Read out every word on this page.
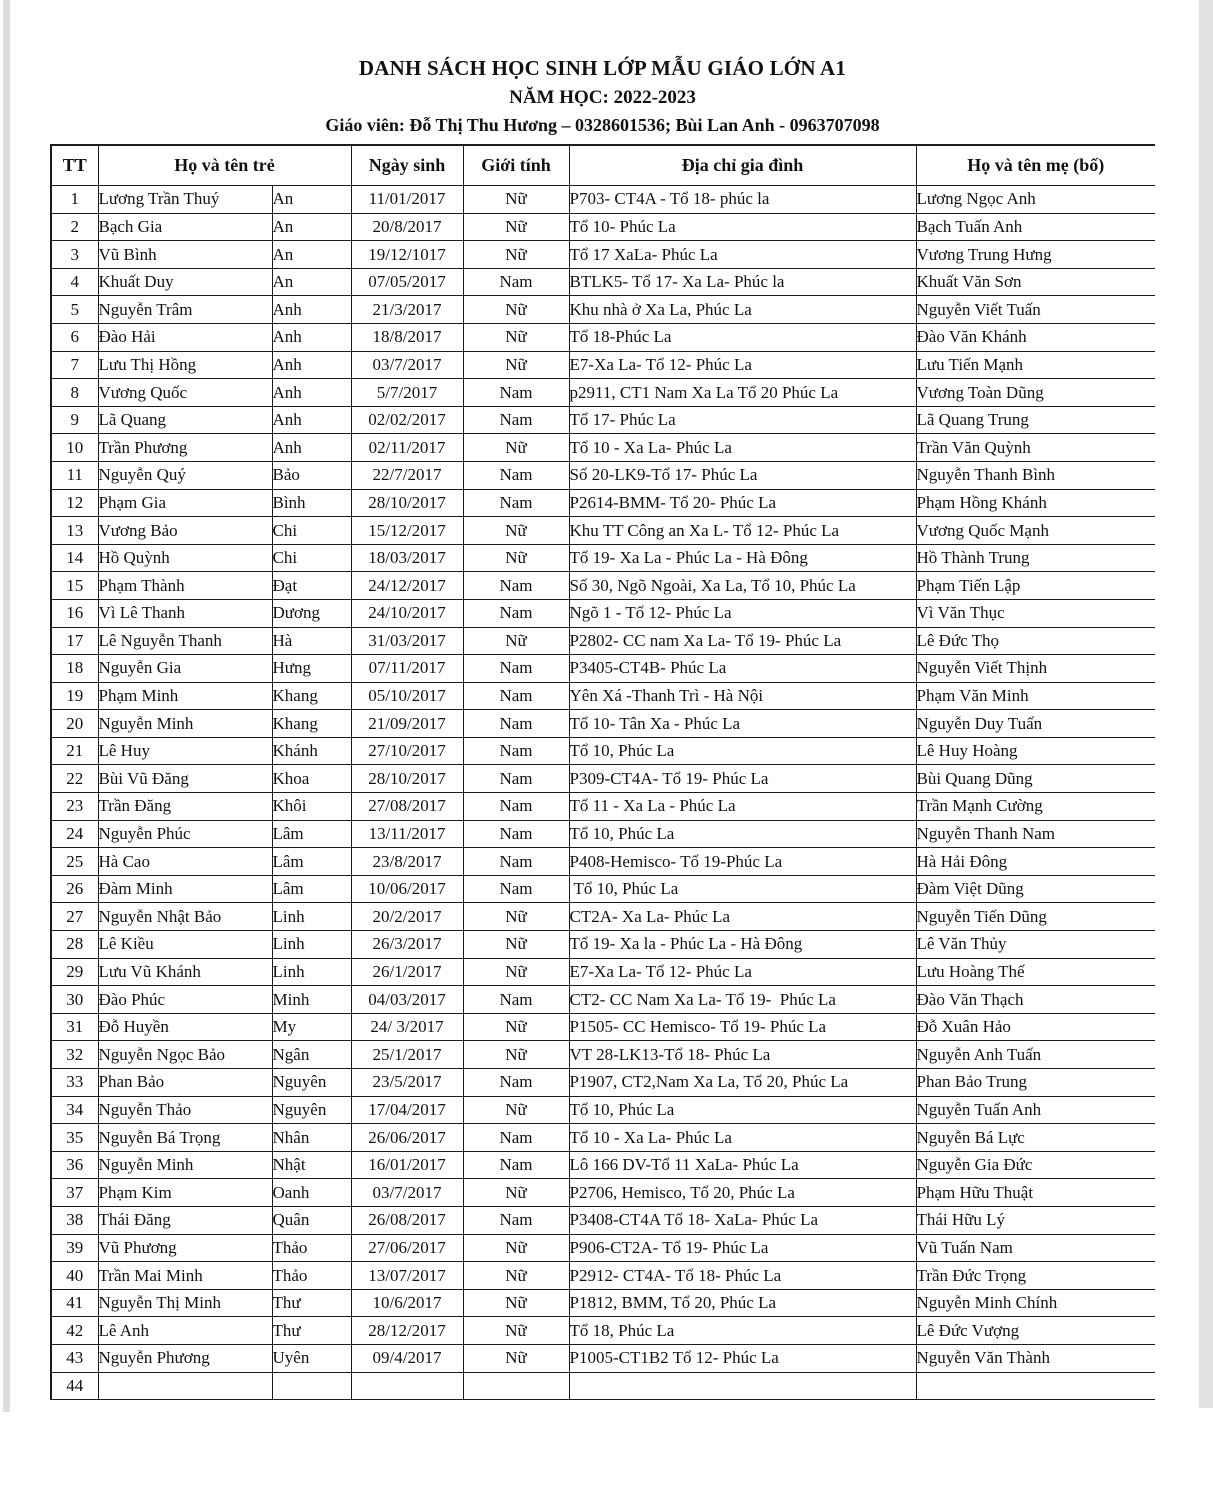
DANH SÁCH HỌC SINH LỚP MẪU GIÁO LỚN A1
NĂM HỌC: 2022-2023
Giáo viên: Đỗ Thị Thu Hương – 0328601536; Bùi Lan Anh - 0963707098
TT	Họ và tên trẻ		Ngày sinh	Giới tính	Địa chỉ gia đình	Họ và tên mẹ (bố)
1	Lương Trần Thuý	An	11/01/2017	Nữ	P703- CT4A - Tổ 18- phúc la	Lương Ngọc Anh
2	Bạch Gia	An	20/8/2017	Nữ	Tổ 10- Phúc La	Bạch Tuấn Anh
3	Vũ Bình	An	19/12/1017	Nữ	Tổ 17 XaLa- Phúc La	Vương Trung Hưng
4	Khuất Duy	An	07/05/2017	Nam	BTLK5- Tổ 17- Xa La- Phúc la	Khuất Văn Sơn
5	Nguyễn Trâm	Anh	21/3/2017	Nữ	Khu nhà ở Xa La, Phúc La	Nguyễn Viết Tuấn
6	Đào Hải	Anh	18/8/2017	Nữ	Tổ 18-Phúc La	Đào Văn Khánh
7	Lưu Thị Hồng	Anh	03/7/2017	Nữ	E7-Xa La- Tổ 12- Phúc La	Lưu Tiến Mạnh
8	Vương Quốc	Anh	5/7/2017	Nam	p2911, CT1 Nam Xa La Tổ 20 Phúc La	Vương Toàn Dũng
9	Lã Quang	Anh	02/02/2017	Nam	Tổ 17- Phúc La	Lã Quang Trung
10	Trần Phương	Anh	02/11/2017	Nữ	Tổ 10 - Xa La- Phúc La	Trần Văn Quỳnh
11	Nguyễn Quý	Bảo	22/7/2017	Nam	Số 20-LK9-Tổ 17- Phúc La	Nguyễn Thanh Bình
12	Phạm Gia	Bình	28/10/2017	Nam	P2614-BMM- Tổ 20- Phúc La	Phạm Hồng Khánh
13	Vương Bảo	Chi	15/12/2017	Nữ	Khu TT Công an Xa L- Tổ 12- Phúc La	Vương Quốc Mạnh
14	Hồ Quỳnh	Chi	18/03/2017	Nữ	Tổ 19- Xa La - Phúc La - Hà Đông	Hồ Thành Trung
15	Phạm Thành	Đạt	24/12/2017	Nam	Số 30, Ngõ Ngoài, Xa La, Tổ 10, Phúc La	Phạm Tiến Lập
16	Vì Lê Thanh	Dương	24/10/2017	Nam	Ngõ 1 - Tổ 12- Phúc La	Vì Văn Thục
17	Lê Nguyễn Thanh	Hà	31/03/2017	Nữ	P2802- CC nam Xa La- Tổ 19- Phúc La	Lê Đức Thọ
18	Nguyễn Gia	Hưng	07/11/2017	Nam	P3405-CT4B- Phúc La	Nguyễn Viết Thịnh
19	Phạm Minh	Khang	05/10/2017	Nam	Yên Xá -Thanh Trì - Hà Nội	Phạm Văn Minh
20	Nguyễn Minh	Khang	21/09/2017	Nam	Tổ 10- Tân Xa - Phúc La	Nguyễn Duy Tuấn
21	Lê Huy	Khánh	27/10/2017	Nam	Tổ 10, Phúc La	Lê Huy Hoàng
22	Bùi Vũ Đăng	Khoa	28/10/2017	Nam	P309-CT4A- Tổ 19- Phúc La	Bùi Quang Dũng
23	Trần Đăng	Khôi	27/08/2017	Nam	Tổ 11 - Xa La - Phúc La	Trần Mạnh Cường
24	Nguyễn Phúc	Lâm	13/11/2017	Nam	Tổ 10, Phúc La	Nguyễn Thanh Nam
25	Hà Cao	Lâm	23/8/2017	Nam	P408-Hemisco- Tổ 19-Phúc La	Hà Hải Đông
26	Đàm Minh	Lâm	10/06/2017	Nam	Tổ 10, Phúc La	Đàm Việt Dũng
27	Nguyễn Nhật Bảo	Linh	20/2/2017	Nữ	CT2A- Xa La- Phúc La	Nguyễn Tiến Dũng
28	Lê Kiều	Linh	26/3/2017	Nữ	Tổ 19- Xa la - Phúc La - Hà Đông	Lê Văn Thủy
29	Lưu Vũ Khánh	Linh	26/1/2017	Nữ	E7-Xa La- Tổ 12- Phúc La	Lưu Hoàng Thế
30	Đào Phúc	Minh	04/03/2017	Nam	CT2- CC Nam Xa La- Tổ 19-  Phúc La	Đào Văn Thạch
31	Đỗ Huyền	My	24/ 3/2017	Nữ	P1505- CC Hemisco- Tổ 19- Phúc La	Đỗ Xuân Hảo
32	Nguyễn Ngọc Bảo	Ngân	25/1/2017	Nữ	VT 28-LK13-Tổ 18- Phúc La	Nguyễn Anh Tuấn
33	Phan Bảo	Nguyên	23/5/2017	Nam	P1907, CT2,Nam Xa La, Tổ 20, Phúc La	Phan Bảo Trung
34	Nguyễn Thảo	Nguyên	17/04/2017	Nữ	Tổ 10, Phúc La	Nguyễn Tuấn Anh
35	Nguyễn Bá Trọng	Nhân	26/06/2017	Nam	Tổ 10 - Xa La- Phúc La	Nguyễn Bá Lực
36	Nguyễn Minh	Nhật	16/01/2017	Nam	Lô 166 DV-Tổ 11 XaLa- Phúc La	Nguyễn Gia Đức
37	Phạm Kim	Oanh	03/7/2017	Nữ	P2706, Hemisco, Tổ 20, Phúc La	Phạm Hữu Thuật
38	Thái Đăng	Quân	26/08/2017	Nam	P3408-CT4A Tổ 18- XaLa- Phúc La	Thái Hữu Lý
39	Vũ Phương	Thảo	27/06/2017	Nữ	P906-CT2A- Tổ 19- Phúc La	Vũ Tuấn Nam
40	Trần Mai Minh	Thảo	13/07/2017	Nữ	P2912- CT4A- Tổ 18- Phúc La	Trần Đức Trọng
41	Nguyễn Thị Minh	Thư	10/6/2017	Nữ	P1812, BMM, Tổ 20, Phúc La	Nguyễn Minh Chính
42	Lê Anh	Thư	28/12/2017	Nữ	Tổ 18, Phúc La	Lê Đức Vượng
43	Nguyễn Phương	Uyên	09/4/2017	Nữ	P1005-CT1B2 Tổ 12- Phúc La	Nguyễn Văn Thành
44						
